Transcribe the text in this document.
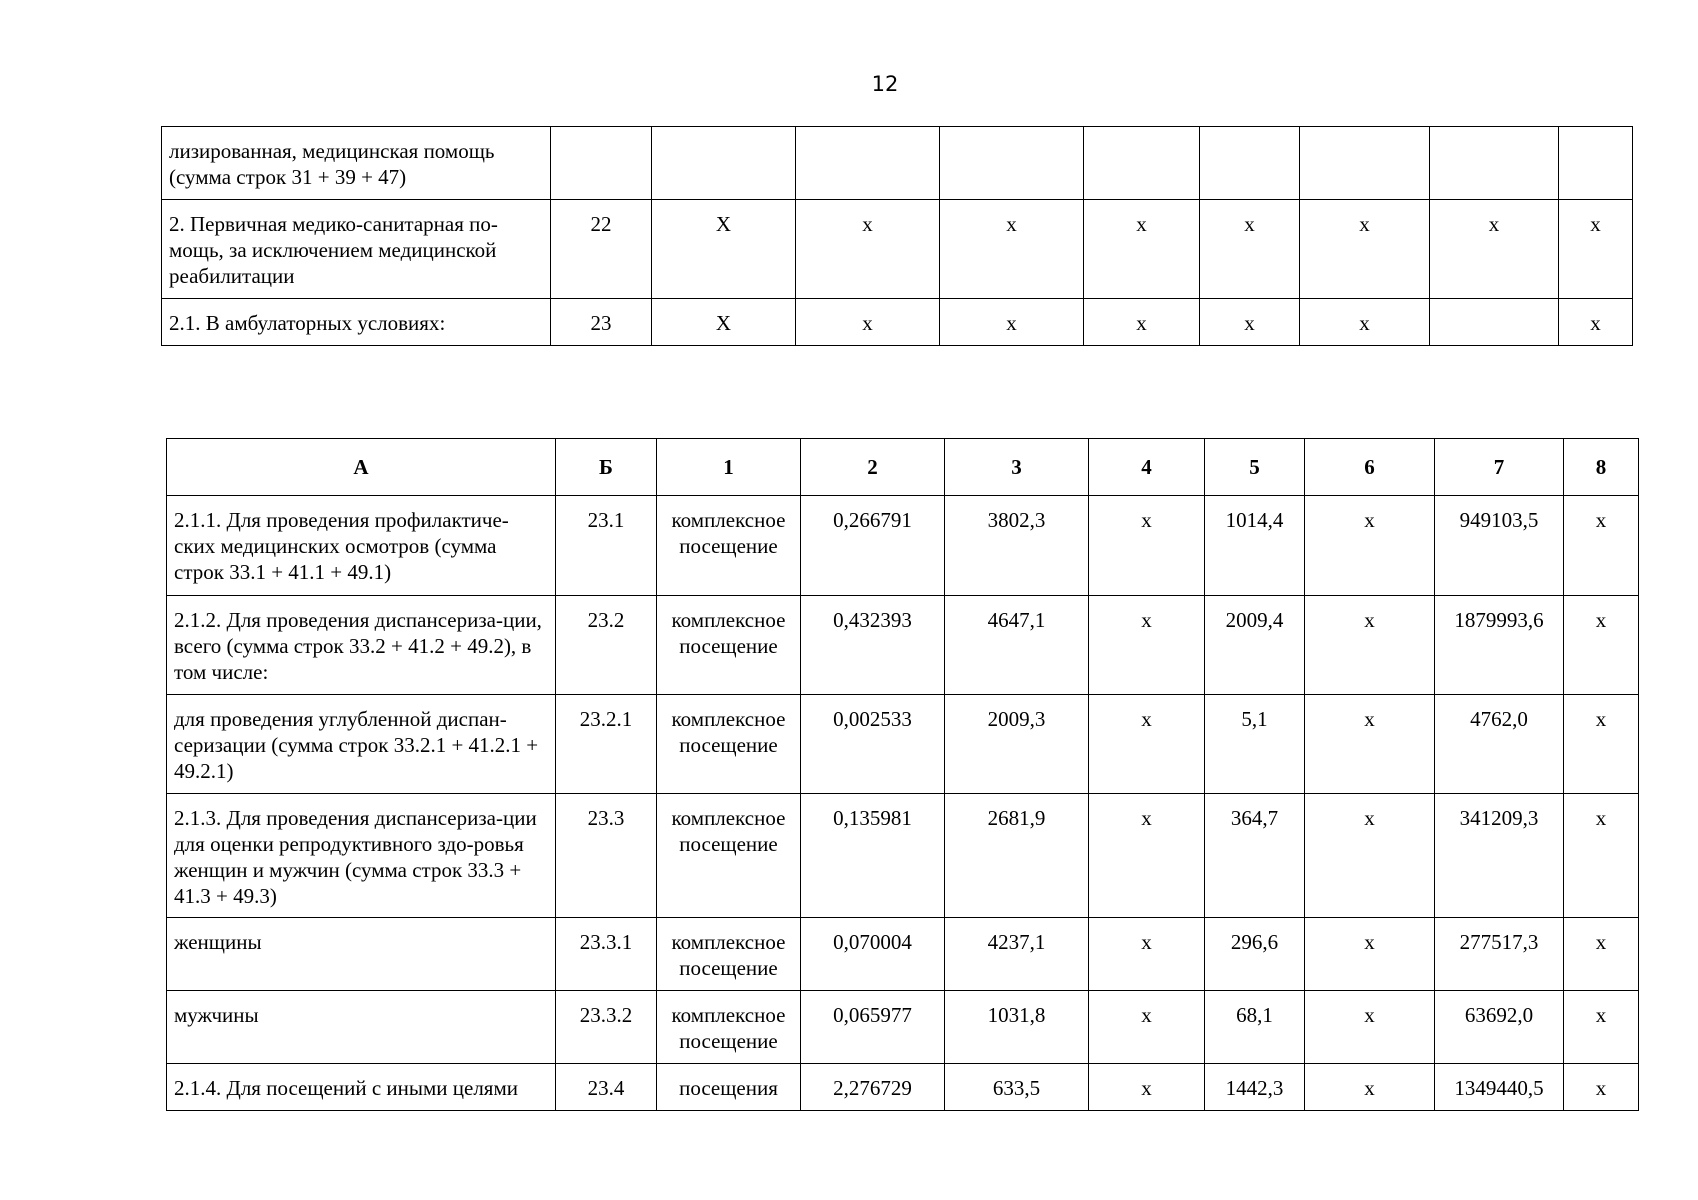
12
лизированная, медицинская помощь (сумма строк 31 + 39 + 47)									
2. Первичная медико-санитарная по-мощь, за исключением медицинской реабилитации	22	X	x	x	x	x	x	x	x
2.1. В амбулаторных условиях:	23	X	x	x	x	x	x		x
А	Б	1	2	3	4	5	6	7	8
2.1.1. Для проведения профилактиче-ских медицинских осмотров (сумма строк 33.1 + 41.1 + 49.1)	23.1	комплексное посещение	0,266791	3802,3	x	1014,4	x	949103,5	x
2.1.2. Для проведения диспансериза-ции, всего (сумма строк 33.2 + 41.2 + 49.2), в том числе:	23.2	комплексное посещение	0,432393	4647,1	x	2009,4	x	1879993,6	x
для проведения углубленной диспан-серизации (сумма строк 33.2.1 + 41.2.1 + 49.2.1)	23.2.1	комплексное посещение	0,002533	2009,3	x	5,1	x	4762,0	x
2.1.3. Для проведения диспансериза-ции для оценки репродуктивного здо-ровья женщин и мужчин (сумма строк 33.3 + 41.3 + 49.3)	23.3	комплексное посещение	0,135981	2681,9	x	364,7	x	341209,3	x
женщины	23.3.1	комплексное посещение	0,070004	4237,1	x	296,6	x	277517,3	x
мужчины	23.3.2	комплексное посещение	0,065977	1031,8	x	68,1	x	63692,0	x
2.1.4. Для посещений с иными целями	23.4	посещения	2,276729	633,5	x	1442,3	x	1349440,5	x
